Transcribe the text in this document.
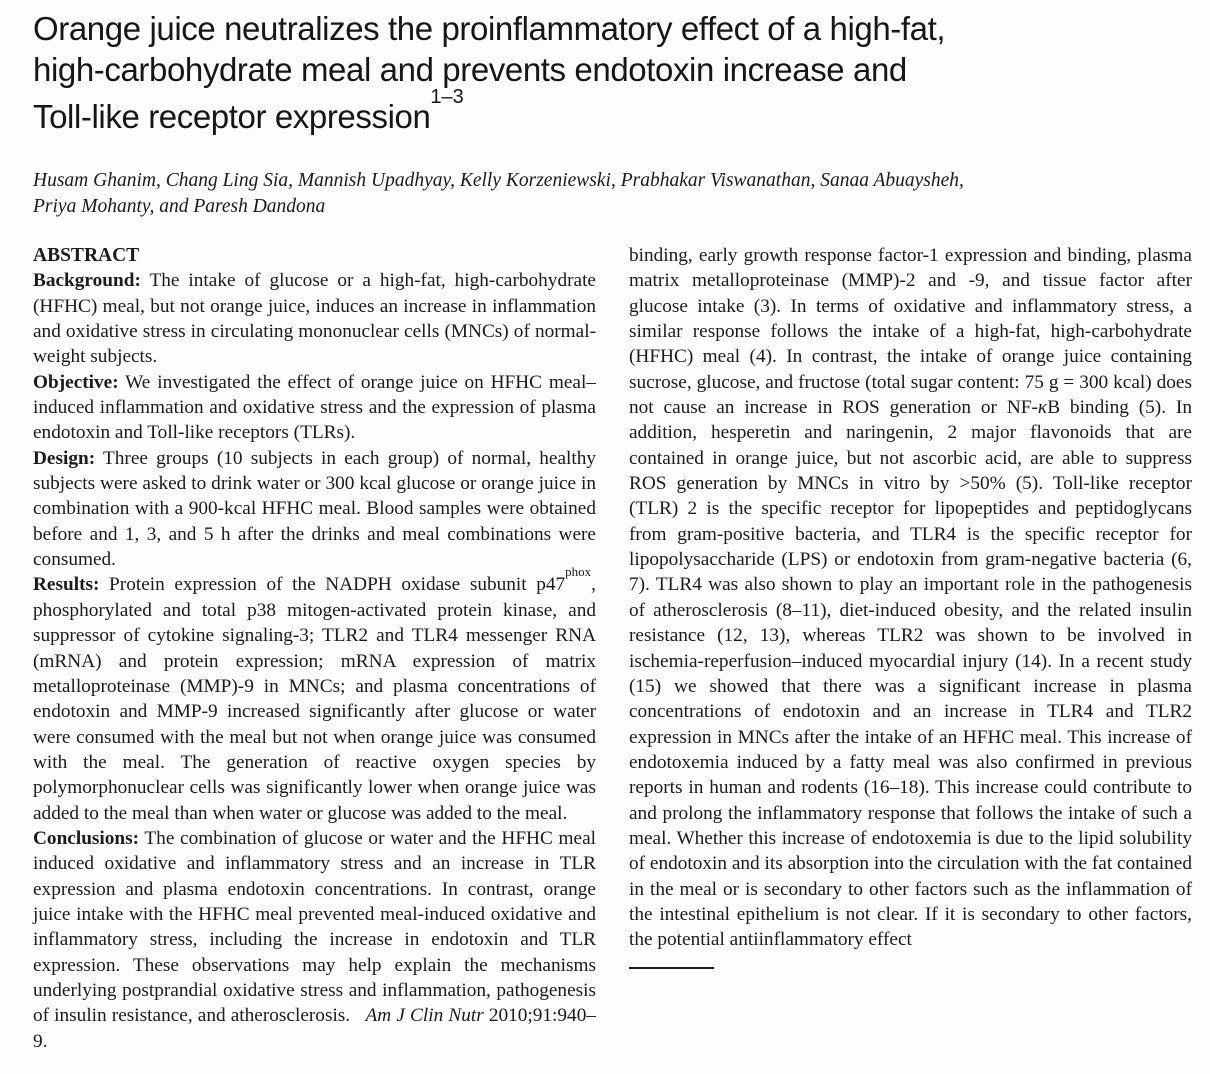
Orange juice neutralizes the proinflammatory effect of a high-fat,
high-carbohydrate meal and prevents endotoxin increase and
Toll-like receptor expression$^{1-3}$

Husam Ghanim, Chang Ling Sia, Mannish Upadhyay, Kelly Korzeniewski, Prabhakar Viswanathan, Sanaa Abuaysheh,
Priya Mohanty, and Paresh Dandona

ABSTRACT

Background: The intake of glucose or a high-fat, high-carbohydrate (HFHC) meal, but not orange juice, induces an increase in inflammation and oxidative stress in circulating mononuclear cells (MNCs) of normal-weight subjects.

Objective: We investigated the effect of orange juice on HFHC meal–induced inflammation and oxidative stress and the expression of plasma endotoxin and Toll-like receptors (TLRs).

Design: Three groups (10 subjects in each group) of normal, healthy subjects were asked to drink water or 300 kcal glucose or orange juice in combination with a 900-kcal HFHC meal. Blood samples were obtained before and 1, 3, and 5 h after the drinks and meal combinations were consumed.

Results: Protein expression of the NADPH oxidase subunit $p47^{phox}$, phosphorylated and total p38 mitogen-activated protein kinase, and suppressor of cytokine signaling-3; TLR2 and TLR4 messenger RNA (mRNA) and protein expression; mRNA expression of matrix metalloproteinase (MMP)-9 in MNCs; and plasma concentrations of endotoxin and MMP-9 increased significantly after glucose or water were consumed with the meal but not when orange juice was consumed with the meal. The generation of reactive oxygen species by polymorphonuclear cells was significantly lower when orange juice was added to the meal than when water or glucose was added to the meal.

Conclusions: The combination of glucose or water and the HFHC meal induced oxidative and inflammatory stress and an increase in TLR expression and plasma endotoxin concentrations. In contrast, orange juice intake with the HFHC meal prevented meal-induced oxidative and inflammatory stress, including the increase in endotoxin and TLR expression. These observations may help explain the mechanisms underlying postprandial oxidative stress and inflammation, pathogenesis of insulin resistance, and atherosclerosis. Am J Clin Nutr 2010;91:940–9.

binding, early growth response factor-1 expression and binding, plasma matrix metalloproteinase (MMP)-2 and -9, and tissue factor after glucose intake (3). In terms of oxidative and inflammatory stress, a similar response follows the intake of a high-fat, high-carbohydrate (HFHC) meal (4). In contrast, the intake of orange juice containing sucrose, glucose, and fructose (total sugar content: 75 g = 300 kcal) does not cause an increase in ROS generation or NF-κB binding (5). In addition, hesperetin and naringenin, 2 major flavonoids that are contained in orange juice, but not ascorbic acid, are able to suppress ROS generation by MNCs in vitro by >50% (5). Toll-like receptor (TLR) 2 is the specific receptor for lipopeptides and peptidoglycans from gram-positive bacteria, and TLR4 is the specific receptor for lipopolysaccharide (LPS) or endotoxin from gram-negative bacteria (6, 7). TLR4 was also shown to play an important role in the pathogenesis of atherosclerosis (8–11), diet-induced obesity, and the related insulin resistance (12, 13), whereas TLR2 was shown to be involved in ischemia-reperfusion–induced myocardial injury (14). In a recent study (15) we showed that there was a significant increase in plasma concentrations of endotoxin and an increase in TLR4 and TLR2 expression in MNCs after the intake of an HFHC meal. This increase of endotoxemia induced by a fatty meal was also confirmed in previous reports in human and rodents (16–18). This increase could contribute to and prolong the inflammatory response that follows the intake of such a meal. Whether this increase of endotoxemia is due to the lipid solubility of endotoxin and its absorption into the circulation with the fat contained in the meal or is secondary to other factors such as the inflammation of the intestinal epithelium is not clear. If it is secondary to other factors, the potential antiinflammatory effect
